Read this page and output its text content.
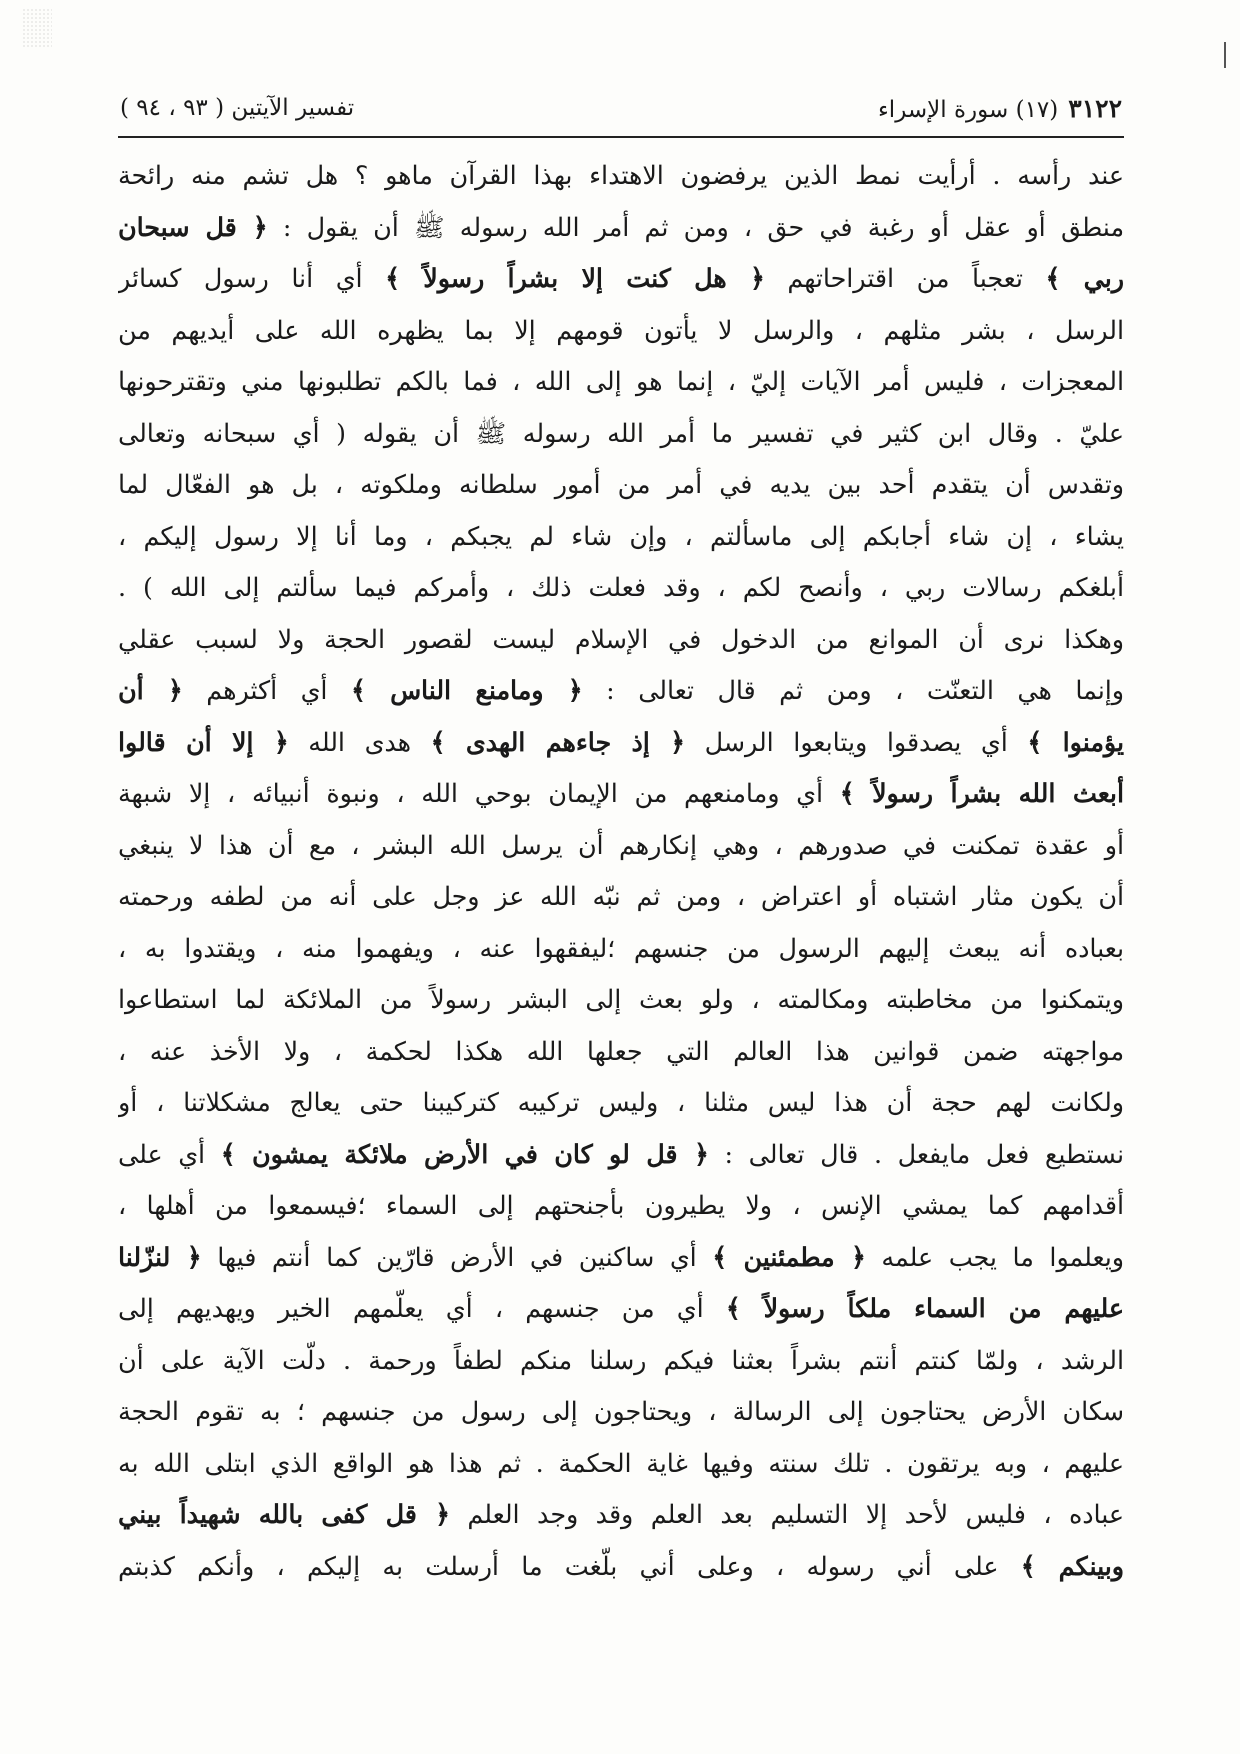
٣١٢٢
(١٧) سورة الإسراء
تفسير الآيتين ( ٩٣ ، ٩٤ )
عند رأسه . أرأيت نمط الذين يرفضون الاهتداء بهذا القرآن ماهو ؟ هل تشم منه رائحة
منطق أو عقل أو رغبة في حق ، ومن ثم أمر الله رسوله ﷺ أن يقول : ﴿ قل سبحان
ربي ﴾ تعجباً من اقتراحاتهم ﴿ هل كنت إلا بشراً رسولاً ﴾ أي أنا رسول كسائر
الرسل ، بشر مثلهم ، والرسل لا يأتون قومهم إلا بما يظهره الله على أيديهم من
المعجزات ، فليس أمر الآيات إليّ ، إنما هو إلى الله ، فما بالكم تطلبونها مني وتقترحونها
عليّ . وقال ابن كثير في تفسير ما أمر الله رسوله ﷺ أن يقوله ( أي سبحانه وتعالى
وتقدس أن يتقدم أحد بين يديه في أمر من أمور سلطانه وملكوته ، بل هو الفعّال لما
يشاء ، إن شاء أجابكم إلى ماسألتم ، وإن شاء لم يجبكم ، وما أنا إلا رسول إليكم ،
أبلغكم رسالات ربي ، وأنصح لكم ، وقد فعلت ذلك ، وأمركم فيما سألتم إلى الله ) .
وهكذا نرى أن الموانع من الدخول في الإسلام ليست لقصور الحجة ولا لسبب عقلي
وإنما هي التعنّت ، ومن ثم قال تعالى : ﴿ ومامنع الناس ﴾ أي أكثرهم ﴿ أن
يؤمنوا ﴾ أي يصدقوا ويتابعوا الرسل ﴿ إذ جاءهم الهدى ﴾ هدى الله ﴿ إلا أن قالوا
أبعث الله بشراً رسولاً ﴾ أي ومامنعهم من الإيمان بوحي الله ، ونبوة أنبيائه ، إلا شبهة
أو عقدة تمكنت في صدورهم ، وهي إنكارهم أن يرسل الله البشر ، مع أن هذا لا ينبغي
أن يكون مثار اشتباه أو اعتراض ، ومن ثم نبّه الله عز وجل على أنه من لطفه ورحمته
بعباده أنه يبعث إليهم الرسول من جنسهم ؛ليفقهوا عنه ، ويفهموا منه ، ويقتدوا به ،
ويتمكنوا من مخاطبته ومكالمته ، ولو بعث إلى البشر رسولاً من الملائكة لما استطاعوا
مواجهته ضمن قوانين هذا العالم التي جعلها الله هكذا لحكمة ، ولا الأخذ عنه ،
ولكانت لهم حجة أن هذا ليس مثلنا ، وليس تركيبه كتركيبنا حتى يعالج مشكلاتنا ، أو
نستطيع فعل مايفعل . قال تعالى : ﴿ قل لو كان في الأرض ملائكة يمشون ﴾ أي على
أقدامهم كما يمشي الإنس ، ولا يطيرون بأجنحتهم إلى السماء ؛فيسمعوا من أهلها ،
ويعلموا ما يجب علمه ﴿ مطمئنين ﴾ أي ساكنين في الأرض قارّين كما أنتم فيها ﴿ لنزّلنا
عليهم من السماء ملكاً رسولاً ﴾ أي من جنسهم ، أي يعلّمهم الخير ويهديهم إلى
الرشد ، ولمّا كنتم أنتم بشراً بعثنا فيكم رسلنا منكم لطفاً ورحمة . دلّت الآية على أن
سكان الأرض يحتاجون إلى الرسالة ، ويحتاجون إلى رسول من جنسهم ؛ به تقوم الحجة
عليهم ، وبه يرتقون . تلك سنته وفيها غاية الحكمة . ثم هذا هو الواقع الذي ابتلى الله به
عباده ، فليس لأحد إلا التسليم بعد العلم وقد وجد العلم ﴿ قل كفى بالله شهيداً بيني
وبينكم ﴾ على أني رسوله ، وعلى أني بلّغت ما أرسلت به إليكم ، وأنكم كذبتم
